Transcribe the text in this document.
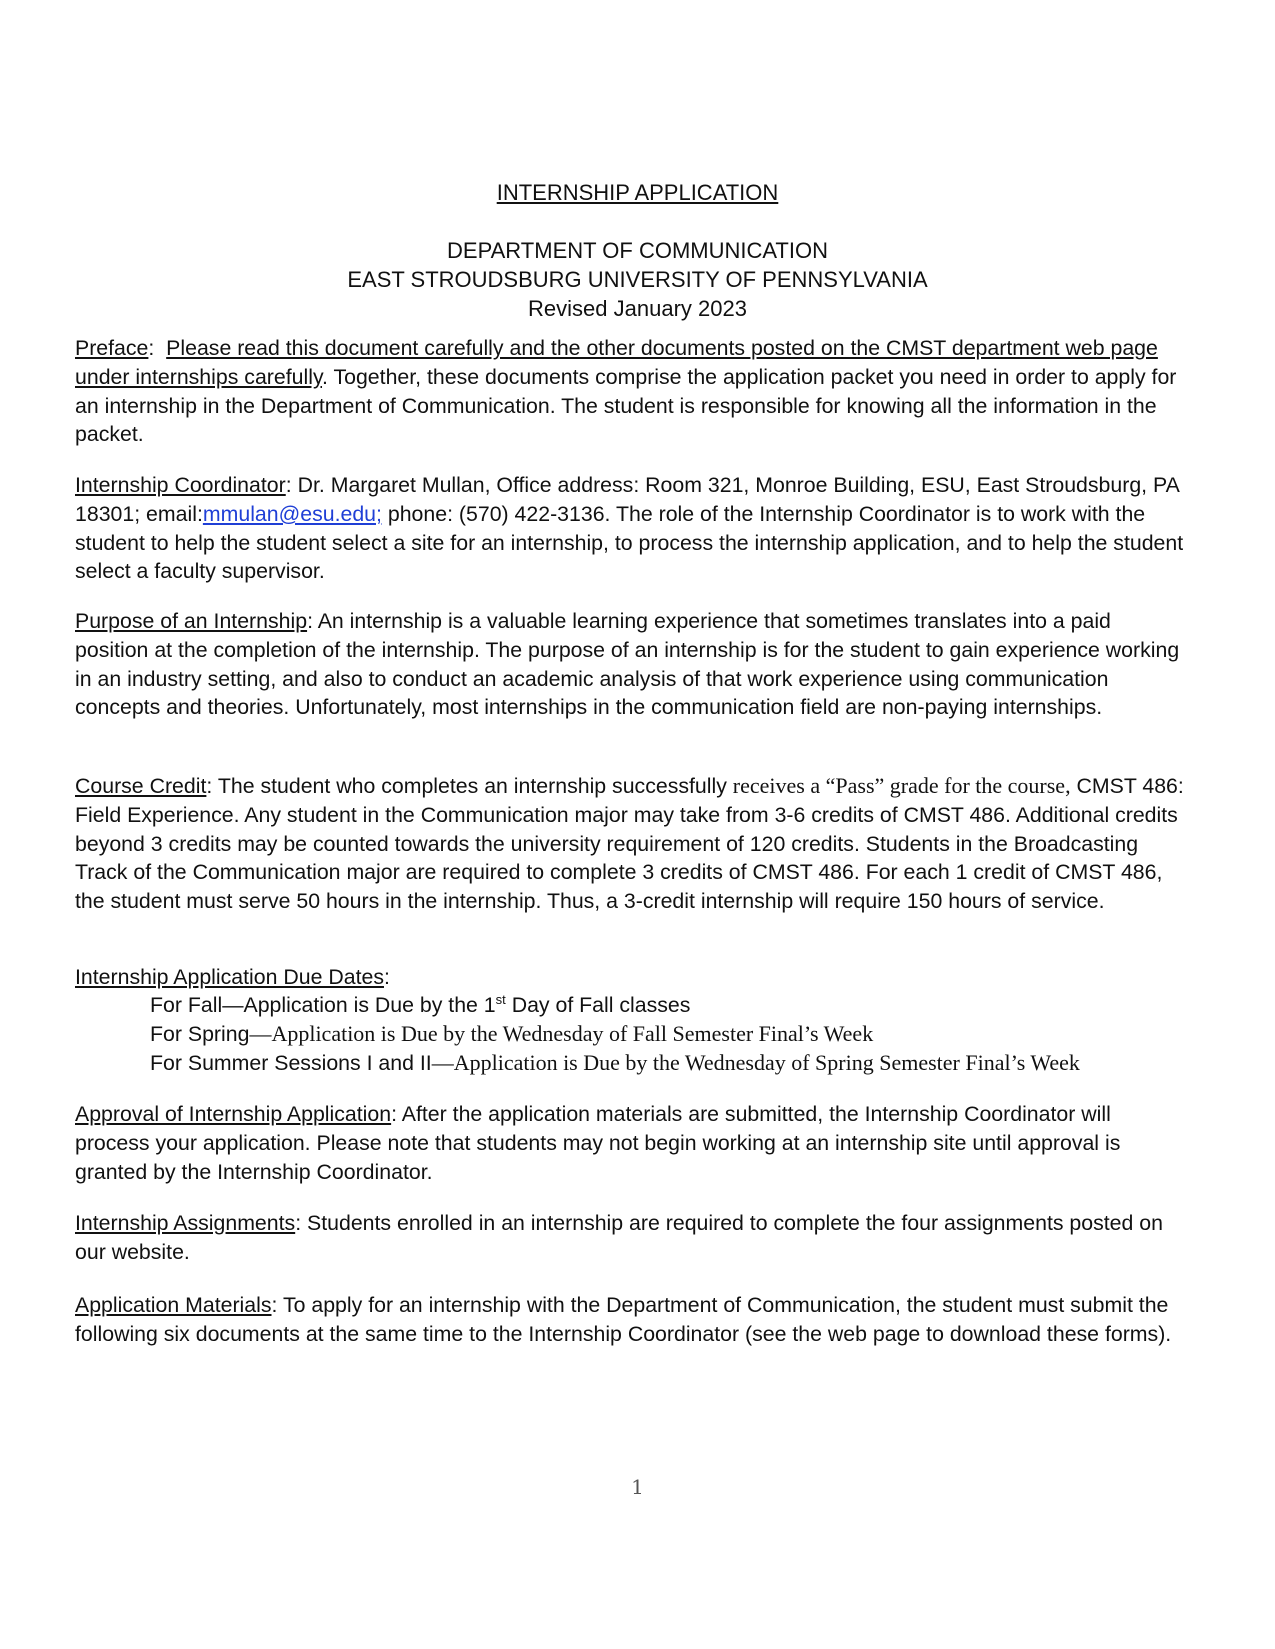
INTERNSHIP APPLICATION
DEPARTMENT OF COMMUNICATION
EAST STROUDSBURG UNIVERSITY OF PENNSYLVANIA
Revised January 2023
Preface:  Please read this document carefully and the other documents posted on the CMST department web page under internships carefully. Together, these documents comprise the application packet you need in order to apply for an internship in the Department of Communication. The student is responsible for knowing all the information in the packet.
Internship Coordinator: Dr. Margaret Mullan, Office address: Room 321, Monroe Building, ESU, East Stroudsburg, PA 18301; email:mmulan@esu.edu; phone: (570) 422-3136. The role of the Internship Coordinator is to work with the student to help the student select a site for an internship, to process the internship application, and to help the student select a faculty supervisor.
Purpose of an Internship: An internship is a valuable learning experience that sometimes translates into a paid position at the completion of the internship. The purpose of an internship is for the student to gain experience working in an industry setting, and also to conduct an academic analysis of that work experience using communication concepts and theories. Unfortunately, most internships in the communication field are non-paying internships.
Course Credit: The student who completes an internship successfully receives a “Pass” grade for the course, CMST 486: Field Experience. Any student in the Communication major may take from 3-6 credits of CMST 486. Additional credits beyond 3 credits may be counted towards the university requirement of 120 credits. Students in the Broadcasting Track of the Communication major are required to complete 3 credits of CMST 486. For each 1 credit of CMST 486, the student must serve 50 hours in the internship. Thus, a 3-credit internship will require 150 hours of service.
Internship Application Due Dates:
For Fall—Application is Due by the 1st Day of Fall classes
For Spring—Application is Due by the Wednesday of Fall Semester Final’s Week
For Summer Sessions I and II—Application is Due by the Wednesday of Spring Semester Final’s Week
Approval of Internship Application: After the application materials are submitted, the Internship Coordinator will process your application. Please note that students may not begin working at an internship site until approval is granted by the Internship Coordinator.
Internship Assignments: Students enrolled in an internship are required to complete the four assignments posted on our website.
Application Materials: To apply for an internship with the Department of Communication, the student must submit the following six documents at the same time to the Internship Coordinator (see the web page to download these forms).
1
